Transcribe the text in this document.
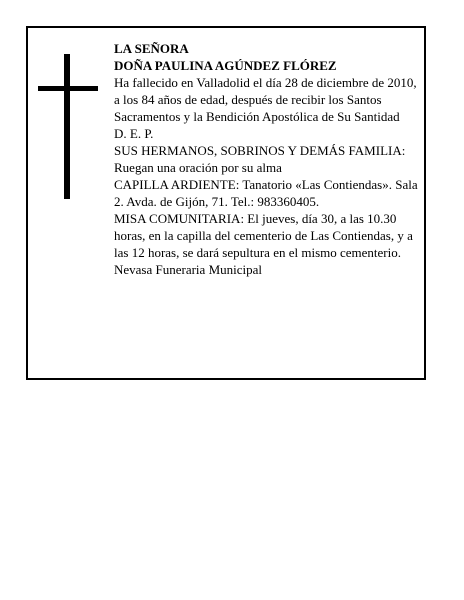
LA SEÑORA

DOÑA PAULINA AGÚNDEZ FLÓREZ

Ha fallecido en Valladolid el día 28 de diciembre de 2010, a los 84 años de edad, después de recibir los Santos Sacramentos y la Bendición Apostólica de Su Santidad

D. E. P.

SUS HERMANOS, SOBRINOS Y DEMÁS FAMILIA:

Ruegan una oración por su alma

CAPILLA ARDIENTE: Tanatorio «Las Contiendas». Sala 2. Avda. de Gijón, 71. Tel.: 983360405.

MISA COMUNITARIA: El jueves, día 30, a las 10.30 horas, en la capilla del cementerio de Las Contiendas, y a las 12 horas, se dará sepultura en el mismo cementerio.

Nevasa Funeraria Municipal
